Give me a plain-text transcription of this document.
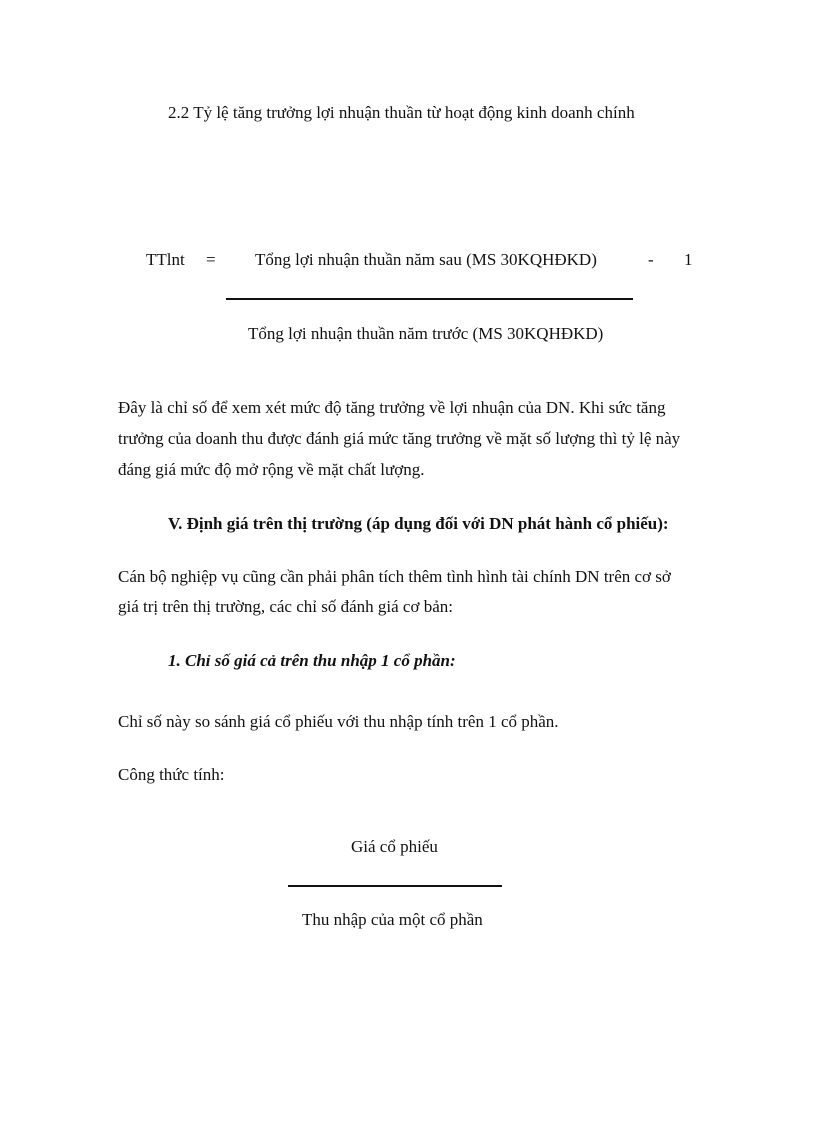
2.2 Tỷ lệ tăng trưởng lợi nhuận thuần từ hoạt động kinh doanh chính
TTlnt = Tổng lợi nhuận thuần năm sau (MS 30KQHĐKD)	- 1
Tổng lợi nhuận thuần năm trước (MS 30KQHĐKD)
Đây là chỉ số để xem xét mức độ tăng trưởng về lợi nhuận của DN. Khi sức tăng
trưởng của doanh thu được đánh giá mức tăng trưởng về mặt số lượng thì tỷ lệ này
đáng giá mức độ mở rộng về mặt chất lượng.
V. Định giá trên thị trường (áp dụng đối với DN phát hành cổ phiếu):
Cán bộ nghiệp vụ cũng cần phải phân tích thêm tình hình tài chính DN trên cơ sở
giá trị trên thị trường, các chỉ số đánh giá cơ bản:
1. Chỉ số giá cả trên thu nhập 1 cổ phần:
Chỉ số này so sánh giá cổ phiếu với thu nhập tính trên 1 cổ phần.
Công thức tính:
Giá cổ phiếu
Thu nhập của một cổ phần
